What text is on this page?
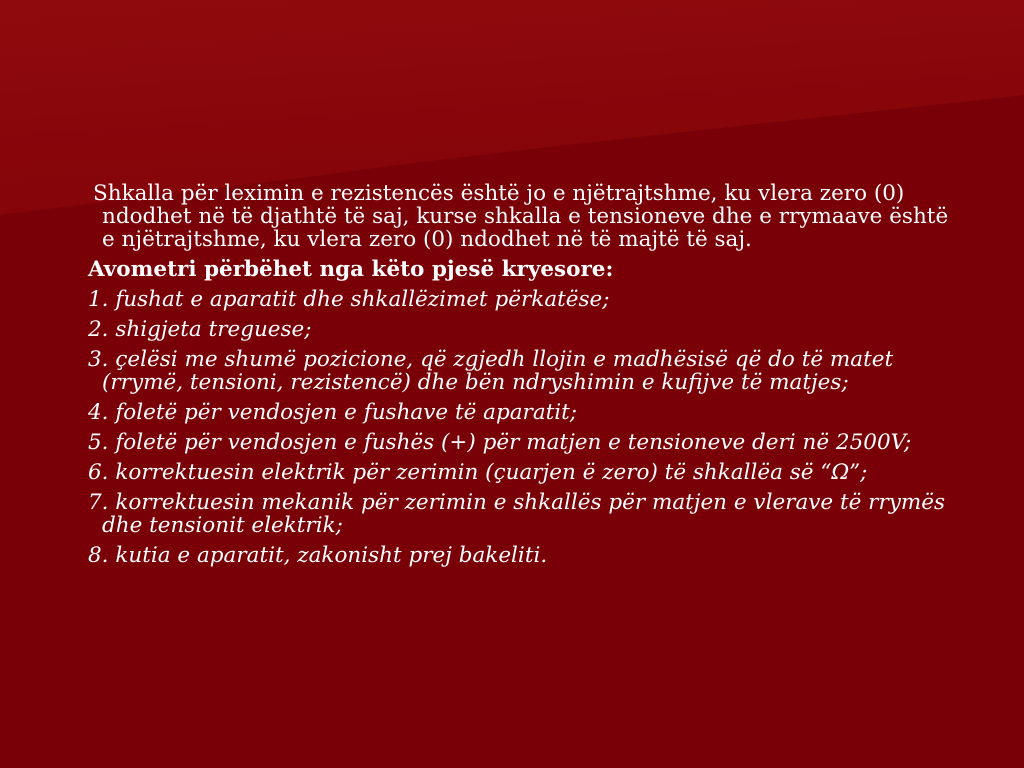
Shkalla për leximin e rezistencës është jo e njëtrajtshme, ku vlera zero (0) ndodhet në të djathtë të saj, kurse shkalla e tensioneve dhe e rrymaave është e njëtrajtshme, ku vlera zero (0) ndodhet në të majtë të saj.

Avometri përbëhet nga këto pjesë kryesore:

1. fushat e aparatit dhe shkallëzimet përkatëse;

2. shigjeta treguese;

3. çelësi me shumë pozicione, që zgjedh llojin e madhësisë që do të matet (rrymë, tensioni, rezistencë) dhe bën ndryshimin e kufijve të matjes;

4. foletë për vendosjen e fushave të aparatit;

5. foletë për vendosjen e fushës (+) për matjen e tensioneve deri në 2500V;

6. korrektuesin elektrik për zerimin (çuarjen ë zero) të shkallëa së “Ω”;

7. korrektuesin mekanik për zerimin e shkallës për matjen e vlerave të rrymës dhe tensionit elektrik;

8. kutia e aparatit, zakonisht prej bakeliti.
